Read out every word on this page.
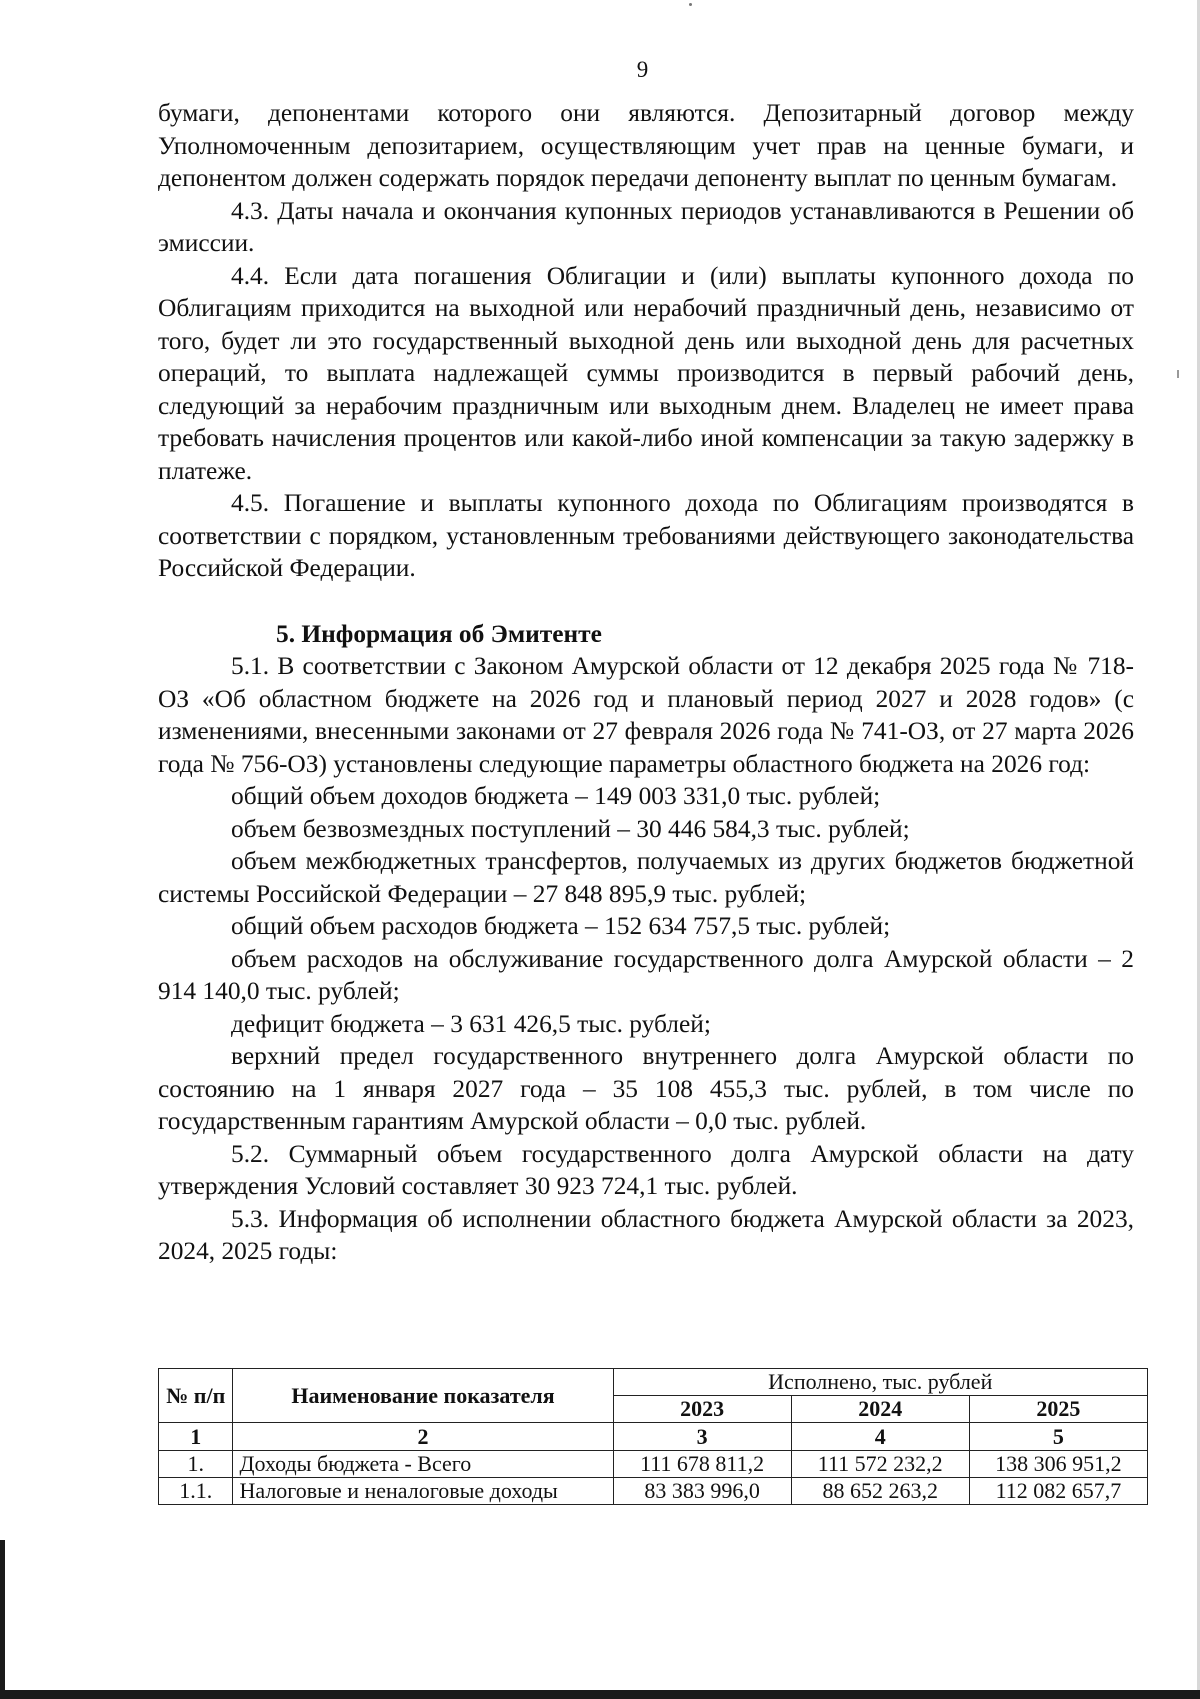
9

бумаги, депонентами которого они являются. Депозитарный договор между Уполномоченным депозитарием, осуществляющим учет прав на ценные бумаги, и депонентом должен содержать порядок передачи депоненту выплат по ценным бумагам.

4.3. Даты начала и окончания купонных периодов устанавливаются в Решении об эмиссии.

4.4. Если дата погашения Облигации и (или) выплаты купонного дохода по Облигациям приходится на выходной или нерабочий праздничный день, независимо от того, будет ли это государственный выходной день или выходной день для расчетных операций, то выплата надлежащей суммы производится в первый рабочий день, следующий за нерабочим праздничным или выходным днем. Владелец не имеет права требовать начисления процентов или какой-либо иной компенсации за такую задержку в платеже.

4.5. Погашение и выплаты купонного дохода по Облигациям производятся в соответствии с порядком, установленным требованиями действующего законодательства Российской Федерации.

5. Информация об Эмитенте

5.1. В соответствии с Законом Амурской области от 12 декабря 2025 года № 718-ОЗ «Об областном бюджете на 2026 год и плановый период 2027 и 2028 годов» (с изменениями, внесенными законами от 27 февраля 2026 года № 741-ОЗ, от 27 марта 2026 года № 756-ОЗ) установлены следующие параметры областного бюджета на 2026 год:

общий объем доходов бюджета – 149 003 331,0 тыс. рублей;

объем безвозмездных поступлений – 30 446 584,3 тыс. рублей;

объем межбюджетных трансфертов, получаемых из других бюджетов бюджетной системы Российской Федерации – 27 848 895,9 тыс. рублей;

общий объем расходов бюджета – 152 634 757,5 тыс. рублей;

объем расходов на обслуживание государственного долга Амурской области – 2 914 140,0 тыс. рублей;

дефицит бюджета – 3 631 426,5 тыс. рублей;

верхний предел государственного внутреннего долга Амурской области по состоянию на 1 января 2027 года – 35 108 455,3 тыс. рублей, в том числе по государственным гарантиям Амурской области – 0,0 тыс. рублей.

5.2. Суммарный объем государственного долга Амурской области на дату утверждения Условий составляет 30 923 724,1 тыс. рублей.

5.3. Информация об исполнении областного бюджета Амурской области за 2023, 2024, 2025 годы:

№ п/п	Наименование показателя	Исполнено, тыс. рублей		
		2023	2024	2025
1	2	3	4	5
1.	Доходы бюджета - Всего	111 678 811,2	111 572 232,2	138 306 951,2
1.1.	Налоговые и неналоговые доходы	83 383 996,0	88 652 263,2	112 082 657,7
